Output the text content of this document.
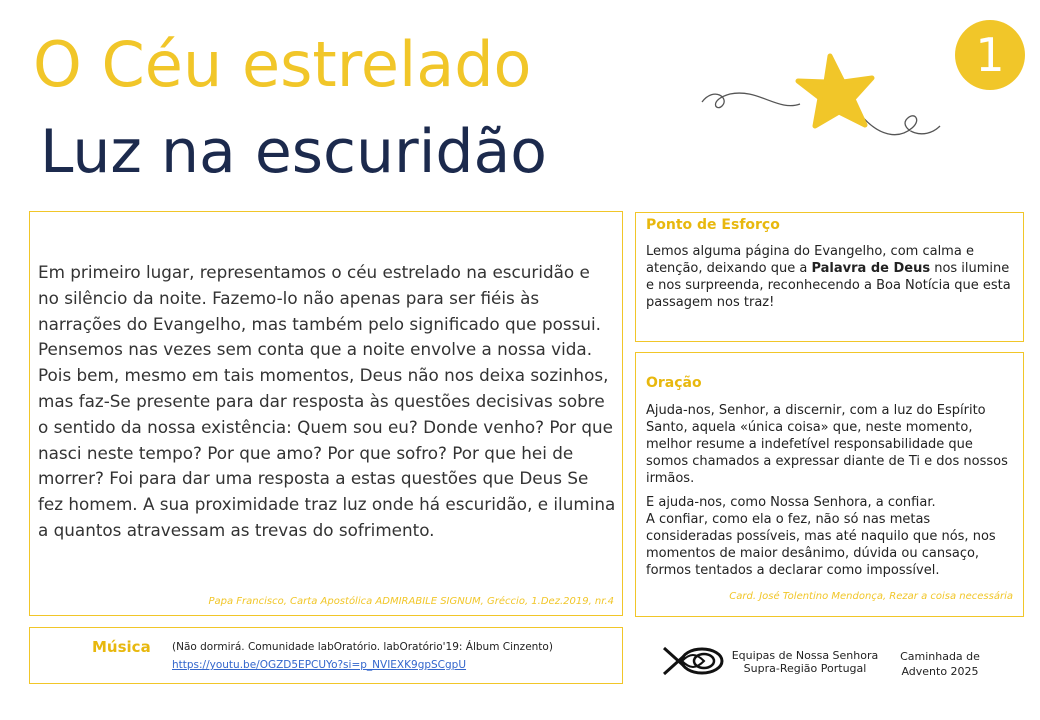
O Céu estrelado
Luz na escuridão
1
Em primeiro lugar, representamos o céu estrelado na escuridão e no silêncio da noite. Fazemo-lo não apenas para ser fiéis às narrações do Evangelho, mas também pelo significado que possui. Pensemos nas vezes sem conta que a noite envolve a nossa vida. Pois bem, mesmo em tais momentos, Deus não nos deixa sozinhos, mas faz-Se presente para dar resposta às questões decisivas sobre o sentido da nossa existência: Quem sou eu? Donde venho? Por que nasci neste tempo? Por que amo? Por que sofro? Por que hei de morrer? Foi para dar uma resposta a estas questões que Deus Se fez homem. A sua proximidade traz luz onde há escuridão, e ilumina a quantos atravessam as trevas do sofrimento.
Papa Francisco, Carta Apostólica ADMIRABILE SIGNUM, Gréccio, 1.Dez.2019, nr.4
Ponto de Esforço
Lemos alguma página do Evangelho, com calma e atenção, deixando que a Palavra de Deus nos ilumine e nos surpreenda, reconhecendo a Boa Notícia que esta passagem nos traz!
Oração

Ajuda-nos, Senhor, a discernir, com a luz do Espírito Santo, aquela «única coisa» que, neste momento, melhor resume a indefetível responsabilidade que somos chamados a expressar diante de Ti e dos nossos irmãos.

E ajuda-nos, como Nossa Senhora, a confiar.
A confiar, como ela o fez, não só nas metas consideradas possíveis, mas até naquilo que nós, nos momentos de maior desânimo, dúvida ou cansaço, formos tentados a declarar como impossível.
Card. José Tolentino Mendonça, Rezar a coisa necessária
Música (Não dormirá. Comunidade labOratório. labOratório'19: Álbum Cinzento)
https://youtu.be/OGZD5EPCUYo?si=p_NVIEXK9gpSCgpU
Equipas de Nossa Senhora
Supra-Região Portugal
Caminhada de
Advento 2025
